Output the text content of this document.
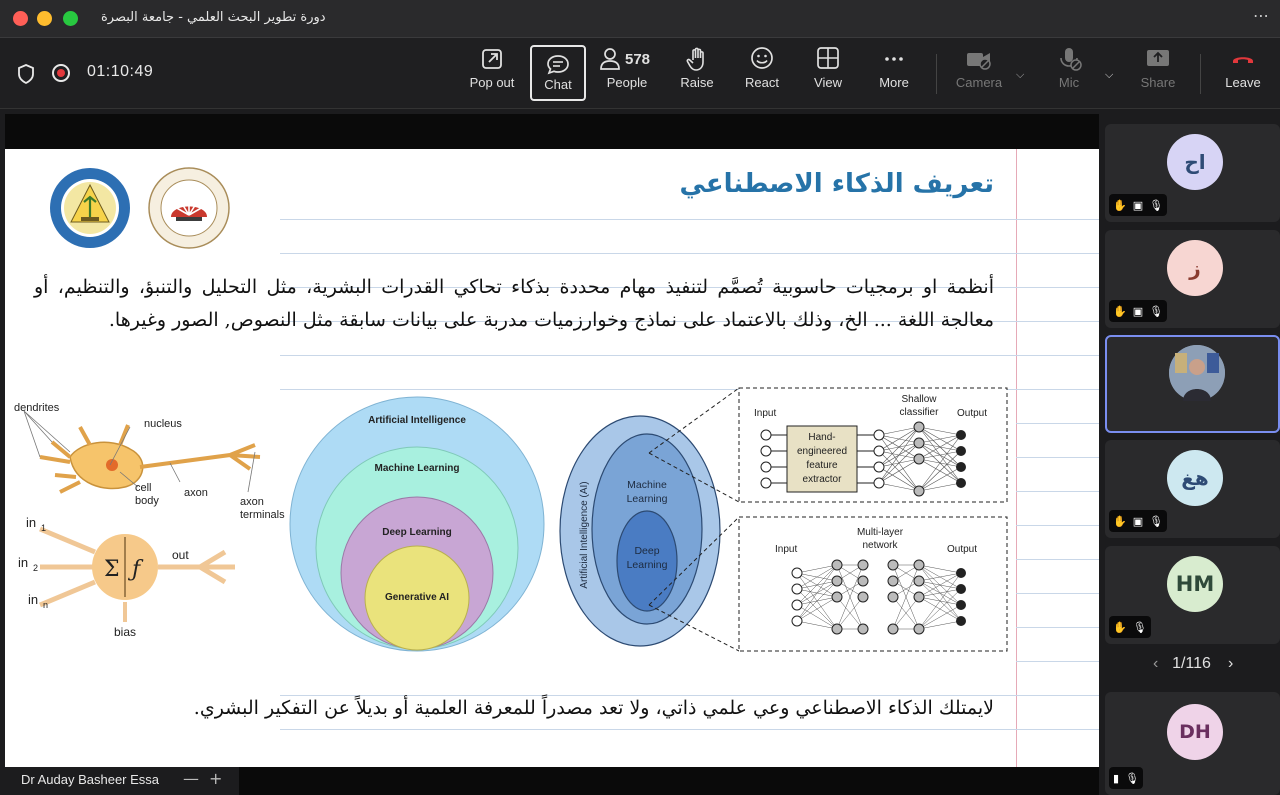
دورة تطوير البحث العلمي - جامعة البصرة	⋯
01:10:49
Pop out	Chat
578
People	Raise	React	View	More	Camera
⌵
Mic
⌵
Share	Leave
تعريف الذكاء الاصطناعي
أنظمة او برمجيات حاسوبية تُصمَّم لتنفيذ مهام محددة بذكاء تحاكي القدرات البشرية، مثل التحليل والتنبؤ، والتنظيم، أو معالجة اللغة ... الخ، وذلك بالاعتماد على نماذج وخوارزميات مدربة على بيانات سابقة مثل النصوص, الصور وغيرها.
dendrites
nucleus
cell
body
axon
axon
terminals
Σ ƒ
in 1
in 2
in n
out
bias
Artificial Intelligence
Machine Learning
Deep Learning
Generative AI
Artificial Intelligence (AI)	Machine
Learning
Deep
Learning
Input
Hand-
engineered
feature
extractor
Shallow
classifier Output
Input
Multi-layer
network	Output
لايمتلك الذكاء الاصطناعي وعي علمي ذاتي، ولا تعد مصدراً للمعرفة العلمية أو بديلاً عن التفكير البشري.
Dr Auday Basheer Essa — +
اح
✋ ▣ 🎙
ز
✋ ▣ 🎙
هغ
✋ ▣ 🎙
HM
✋ 🎙
DH
▮ 🎙
‹ 1/116 ›
